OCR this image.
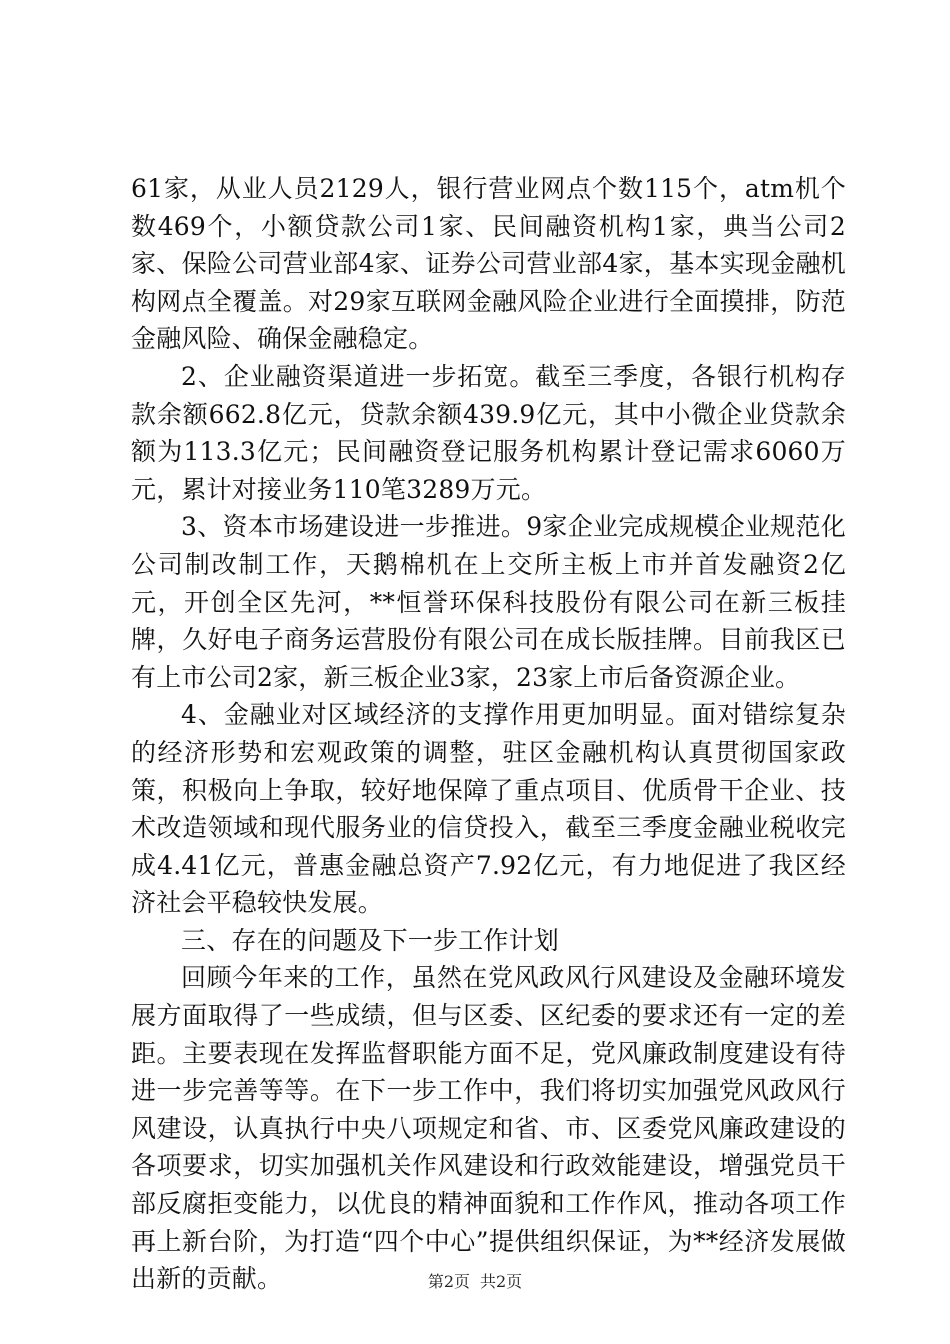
61家，从业人员2129人，银行营业网点个数115个，atm机个数469个，小额贷款公司1家、民间融资机构1家，典当公司2家、保险公司营业部4家、证券公司营业部4家，基本实现金融机构网点全覆盖。对29家互联网金融风险企业进行全面摸排，防范金融风险、确保金融稳定。

2、企业融资渠道进一步拓宽。截至三季度，各银行机构存款余额662.8亿元，贷款余额439.9亿元，其中小微企业贷款余额为113.3亿元；民间融资登记服务机构累计登记需求6060万元，累计对接业务110笔3289万元。

3、资本市场建设进一步推进。9家企业完成规模企业规范化公司制改制工作，天鹅棉机在上交所主板上市并首发融资2亿元，开创全区先河，**恒誉环保科技股份有限公司在新三板挂牌，久好电子商务运营股份有限公司在成长版挂牌。目前我区已有上市公司2家，新三板企业3家，23家上市后备资源企业。

4、金融业对区域经济的支撑作用更加明显。面对错综复杂的经济形势和宏观政策的调整，驻区金融机构认真贯彻国家政策，积极向上争取，较好地保障了重点项目、优质骨干企业、技术改造领域和现代服务业的信贷投入，截至三季度金融业税收完成4.41亿元，普惠金融总资产7.92亿元，有力地促进了我区经济社会平稳较快发展。

三、存在的问题及下一步工作计划

回顾今年来的工作，虽然在党风政风行风建设及金融环境发展方面取得了一些成绩，但与区委、区纪委的要求还有一定的差距。主要表现在发挥监督职能方面不足，党风廉政制度建设有待进一步完善等等。在下一步工作中，我们将切实加强党风政风行风建设，认真执行中央八项规定和省、市、区委党风廉政建设的各项要求，切实加强机关作风建设和行政效能建设，增强党员干部反腐拒变能力，以优良的精神面貌和工作作风，推动各项工作再上新台阶，为打造“四个中心”提供组织保证，为**经济发展做出新的贡献。	第2页 共2页
